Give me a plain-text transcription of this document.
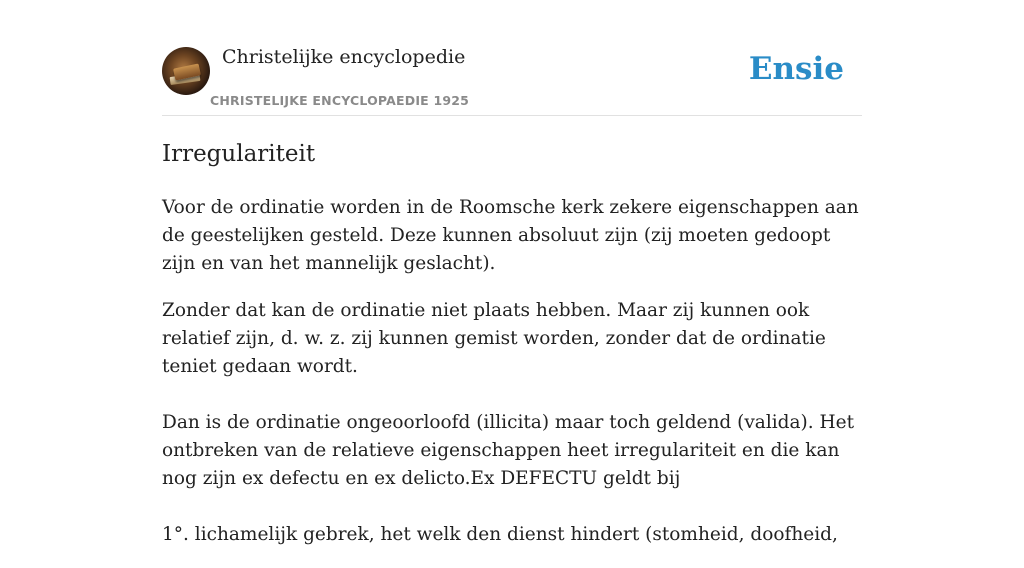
Christelijke encyclopedie
CHRISTELIJKE ENCYCLOPAEDIE 1925
Ensie
Irregulariteit

Voor de ordinatie worden in de Roomsche kerk zekere eigenschappen aan de geestelijken gesteld. Deze kunnen absoluut zijn (zij moeten gedoopt zijn en van het mannelijk geslacht).

Zonder dat kan de ordinatie niet plaats hebben. Maar zij kunnen ook relatief zijn, d. w. z. zij kunnen gemist worden, zonder dat de ordinatie teniet gedaan wordt.

Dan is de ordinatie ongeoorloofd (illicita) maar toch geldend (valida). Het ontbreken van de relatieve eigenschappen heet irregulariteit en die kan nog zijn ex defectu en ex delicto.Ex DEFECTU geldt bij

1°. lichamelijk gebrek, het welk den dienst hindert (stomheid, doofheid,
